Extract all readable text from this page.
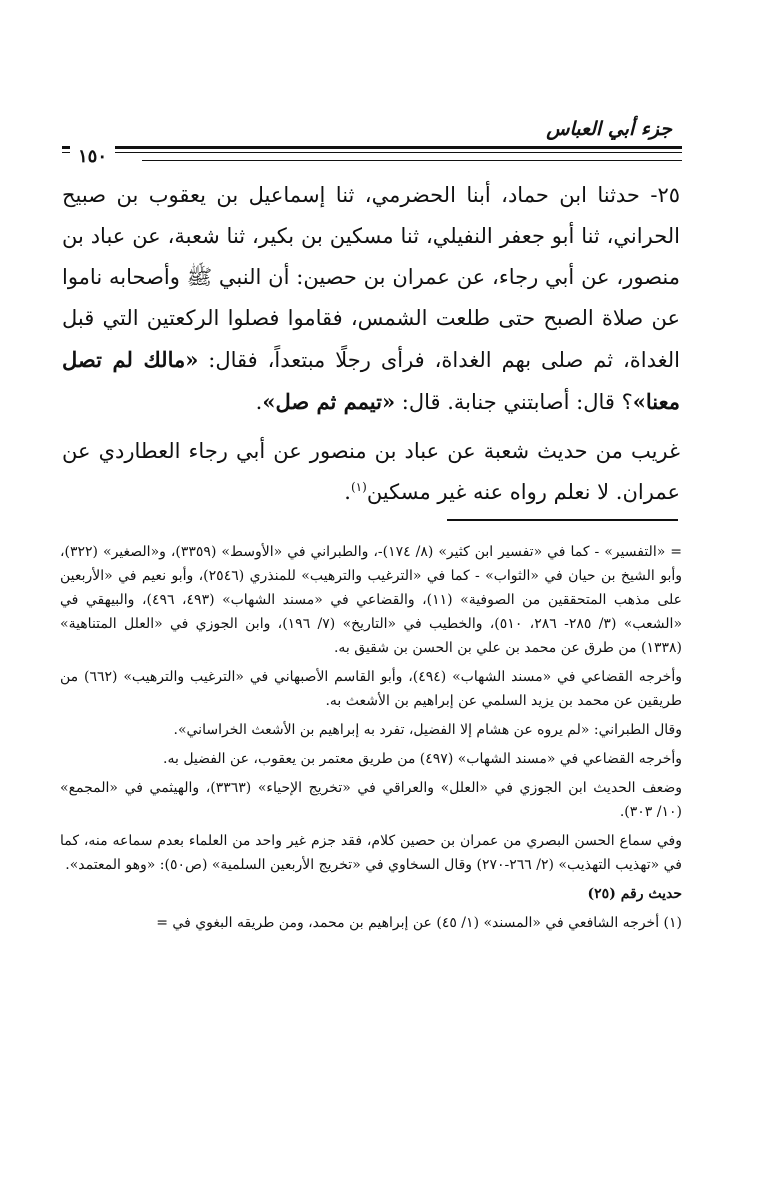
جزء أبي العباس
١٥٠

٢٥- حدثنا ابن حماد، أبنا الحضرمي، ثنا إسماعيل بن يعقوب بن صبيح الحراني، ثنا أبو جعفر النفيلي، ثنا مسكين بن بكير، ثنا شعبة، عن عباد بن منصور، عن أبي رجاء، عن عمران بن حصين: أن النبي ﷺ وأصحابه ناموا عن صلاة الصبح حتى طلعت الشمس، فقاموا فصلوا الركعتين التي قبل الغداة، ثم صلى بهم الغداة، فرأى رجلًا مبتعداً، فقال: «مالك لم تصل معنا»؟ قال: أصابتني جنابة. قال: «تيمم ثم صل».

غريب من حديث شعبة عن عباد بن منصور عن أبي رجاء العطاردي عن عمران. لا نعلم رواه عنه غير مسكين$^{(١)}$.

= «التفسير» - كما في «تفسير ابن كثير» (٨/ ١٧٤)-، والطبراني في «الأوسط» (٣٣٥٩)، و«الصغير» (٣٢٢)، وأبو الشيخ بن حيان في «الثواب» - كما في «الترغيب والترهيب» للمنذري (٢٥٤٦)، وأبو نعيم في «الأربعين على مذهب المتحققين من الصوفية» (١١)، والقضاعي في «مسند الشهاب» (٤٩٣، ٤٩٦)، والبيهقي في «الشعب» (٣/ ٢٨٥- ٢٨٦، ٥١٠)، والخطيب في «التاريخ» (٧/ ١٩٦)، وابن الجوزي في «العلل المتناهية» (١٣٣٨) من طرق عن محمد بن علي بن الحسن بن شقيق به.

وأخرجه القضاعي في «مسند الشهاب» (٤٩٤)، وأبو القاسم الأصبهاني في «الترغيب والترهيب» (٦٦٢) من طريقين عن محمد بن يزيد السلمي عن إبراهيم بن الأشعث به.

وقال الطبراني: «لم يروه عن هشام إلا الفضيل، تفرد به إبراهيم بن الأشعث الخراساني».

وأخرجه القضاعي في «مسند الشهاب» (٤٩٧) من طريق معتمر بن يعقوب، عن الفضيل به.

وضعف الحديث ابن الجوزي في «العلل» والعراقي في «تخريج الإحياء» (٣٣٦٣)، والهيثمي في «المجمع» (١٠/ ٣٠٣).

وفي سماع الحسن البصري من عمران بن حصين كلام، فقد جزم غير واحد من العلماء بعدم سماعه منه، كما في «تهذيب التهذيب» (٢/ ٢٦٦-٢٧٠) وقال السخاوي في «تخريج الأربعين السلمية» (ص٥٠): «وهو المعتمد».

حديث رقم (٢٥)

(١) أخرجه الشافعي في «المسند» (١/ ٤٥) عن إبراهيم بن محمد، ومن طريقه البغوي في =
